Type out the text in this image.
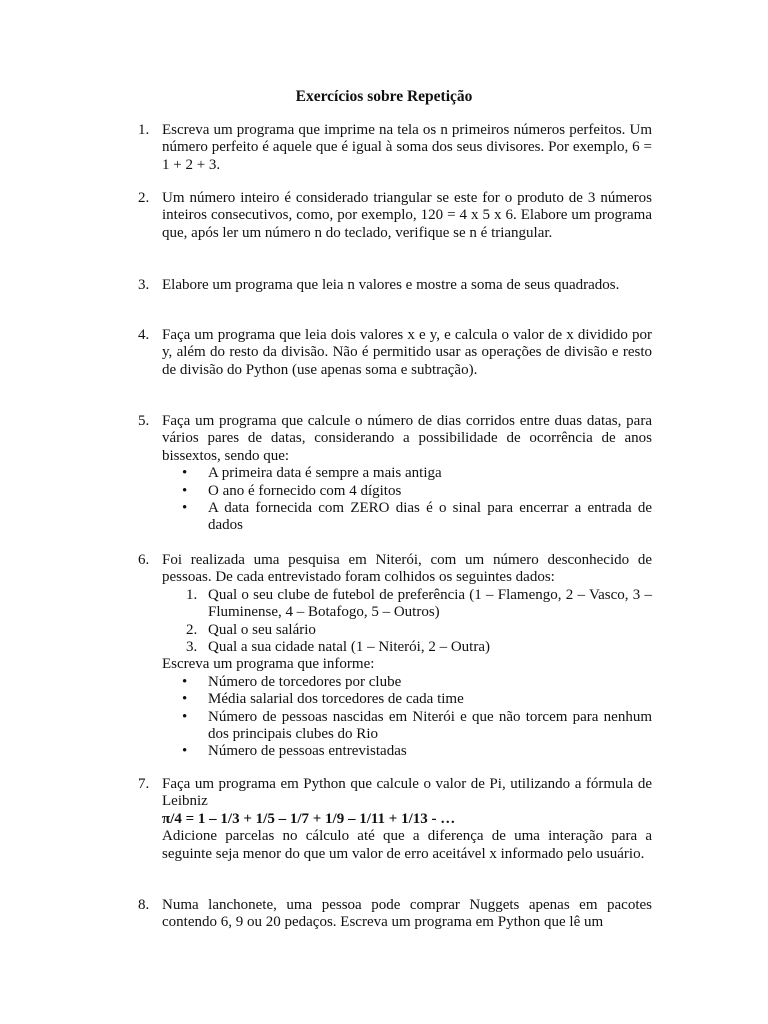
Exercícios sobre Repetição
1. Escreva um programa que imprime na tela os n primeiros números perfeitos. Um número perfeito é aquele que é igual à soma dos seus divisores. Por exemplo, 6 = 1 + 2 + 3.
2. Um número inteiro é considerado triangular se este for o produto de 3 números inteiros consecutivos, como, por exemplo, 120 = 4 x 5 x 6. Elabore um programa que, após ler um número n do teclado, verifique se n é triangular.
3. Elabore um programa que leia n valores e mostre a soma de seus quadrados.
4. Faça um programa que leia dois valores x e y, e calcula o valor de x dividido por y, além do resto da divisão. Não é permitido usar as operações de divisão e resto de divisão do Python (use apenas soma e subtração).
5. Faça um programa que calcule o número de dias corridos entre duas datas, para vários pares de datas, considerando a possibilidade de ocorrência de anos bissextos, sendo que:
• A primeira data é sempre a mais antiga
• O ano é fornecido com 4 dígitos
• A data fornecida com ZERO dias é o sinal para encerrar a entrada de dados
6. Foi realizada uma pesquisa em Niterói, com um número desconhecido de pessoas. De cada entrevistado foram colhidos os seguintes dados:
1. Qual o seu clube de futebol de preferência (1 – Flamengo, 2 – Vasco, 3 – Fluminense, 4 – Botafogo, 5 – Outros)
2. Qual o seu salário
3. Qual a sua cidade natal (1 – Niterói, 2 – Outra)
Escreva um programa que informe:
• Número de torcedores por clube
• Média salarial dos torcedores de cada time
• Número de pessoas nascidas em Niterói e que não torcem para nenhum dos principais clubes do Rio
• Número de pessoas entrevistadas
7. Faça um programa em Python que calcule o valor de Pi, utilizando a fórmula de Leibniz
π/4 = 1 – 1/3 + 1/5 – 1/7 + 1/9 – 1/11 + 1/13 - …
Adicione parcelas no cálculo até que a diferença de uma interação para a seguinte seja menor do que um valor de erro aceitável x informado pelo usuário.
8. Numa lanchonete, uma pessoa pode comprar Nuggets apenas em pacotes contendo 6, 9 ou 20 pedaços. Escreva um programa em Python que lê um
